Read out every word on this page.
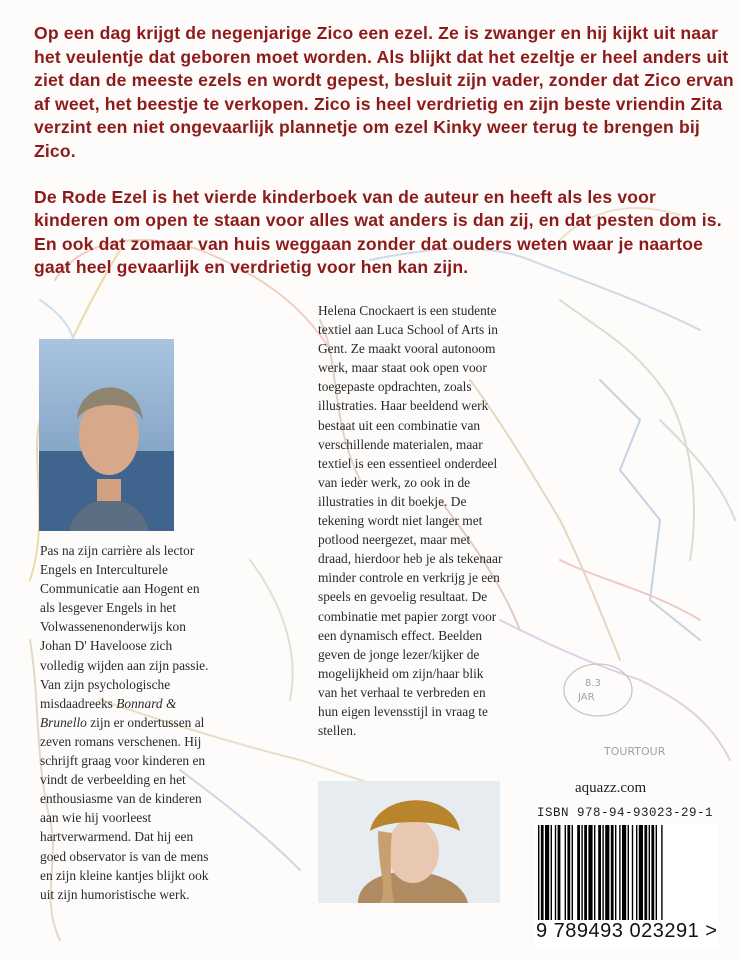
8.3
JAR
TOURTOUR

Op een dag krijgt de negenjarige Zico een ezel. Ze is zwanger en hij kijkt uit naar het veulentje dat geboren moet worden. Als blijkt dat het ezeltje er heel anders uit ziet dan de meeste ezels en wordt gepest, besluit zijn vader, zonder dat Zico ervan af weet, het beestje te verkopen. Zico is heel verdrietig en zijn beste vriendin Zita verzint een niet ongevaarlijk plannetje om ezel Kinky weer terug te brengen bij Zico.

De Rode Ezel is het vierde kinderboek van de auteur en heeft als les voor kinderen om open te staan voor alles wat anders is dan zij, en dat pesten dom is. En ook dat zomaar van huis weggaan zonder dat ouders weten waar je naartoe gaat heel gevaarlijk en verdrietig voor hen kan zijn.

Pas na zijn carrière als lector Engels en Interculturele Communicatie aan Hogent en als lesgever Engels in het Volwassenenonderwijs kon Johan D' Haveloose zich volledig wijden aan zijn passie. Van zijn psychologische misdaadreeks Bonnard & Brunello zijn er ondertussen al zeven romans verschenen. Hij schrijft graag voor kinderen en vindt de verbeelding en het enthousiasme van de kinderen aan wie hij voorleest hartverwarmend. Dat hij een goed observator is van de mens en zijn kleine kantjes blijkt ook uit zijn humoristische werk.
Helena Cnockaert is een studente textiel aan Luca School of Arts in Gent. Ze maakt vooral autonoom werk, maar staat ook open voor toegepaste opdrachten, zoals illustraties. Haar beeldend werk bestaat uit een combinatie van verschillende materialen, maar textiel is een essentieel onderdeel van ieder werk, zo ook in de illustraties in dit boekje. De tekening wordt niet langer met potlood neergezet, maar met draad, hierdoor heb je als tekenaar minder controle en verkrijg je een speels en gevoelig resultaat. De combinatie met papier zorgt voor een dynamisch effect. Beelden geven de jonge lezer/kijker de mogelijkheid om zijn/haar blik van het verhaal te verbreden en hun eigen levensstijl in vraag te stellen.
aquazz.com
ISBN 978-94-93023-29-1
9 789493 023291 >
